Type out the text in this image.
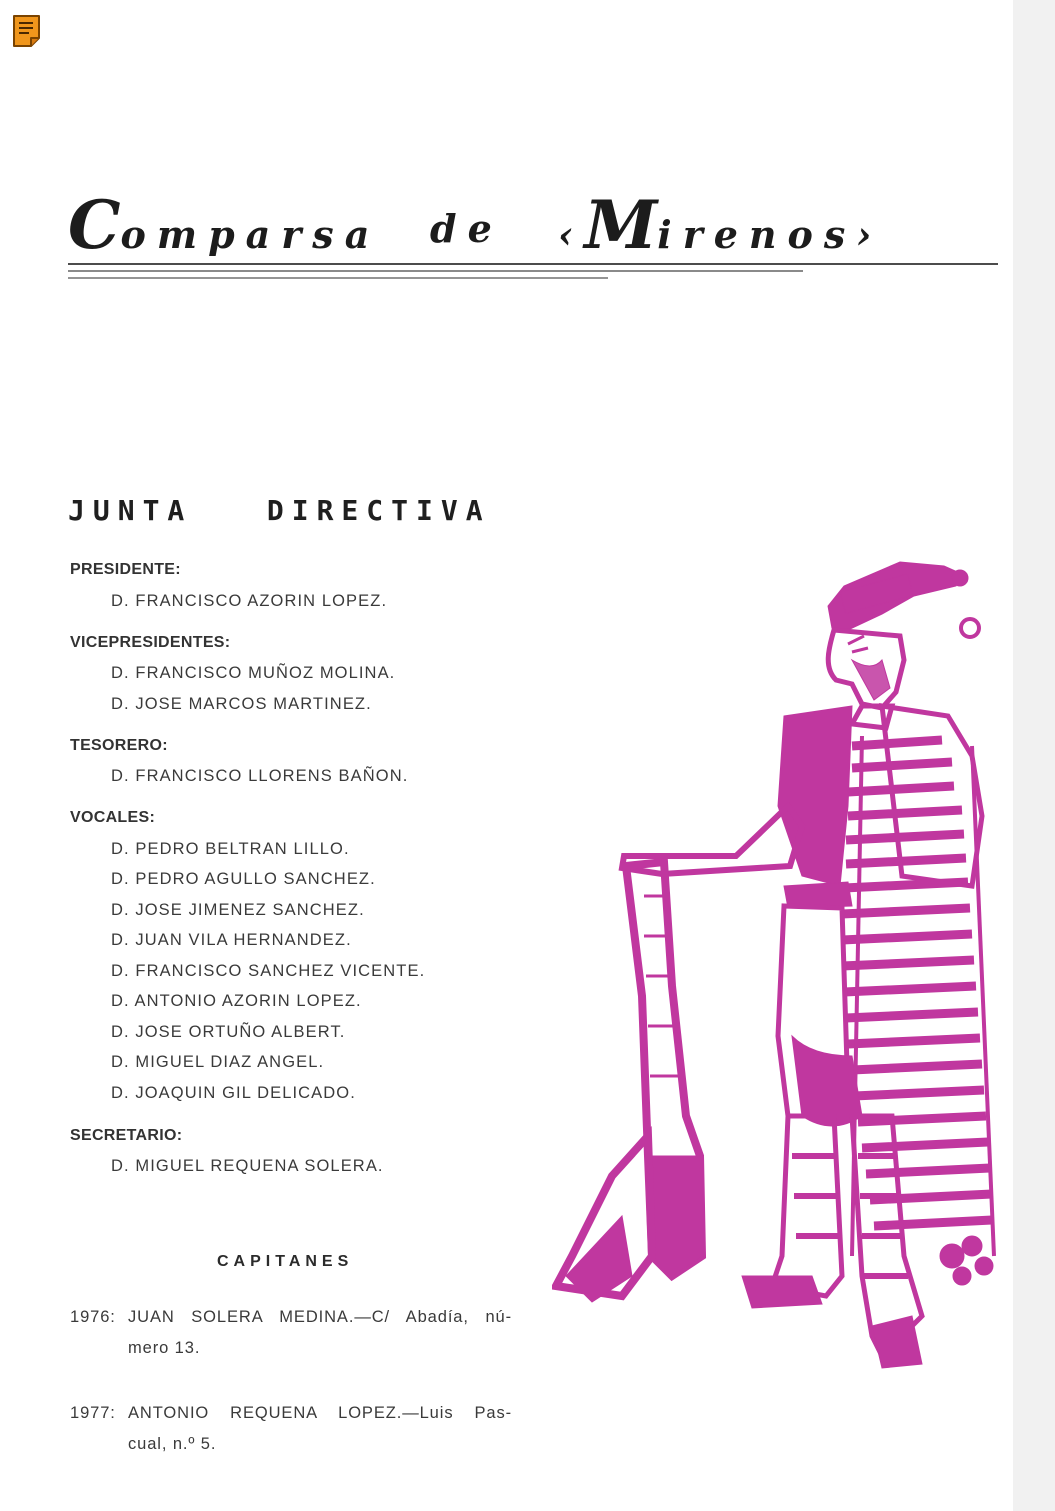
Comparsa de ‹Mirenos›
JUNTA   DIRECTIVA
PRESIDENTE:
D. FRANCISCO AZORIN LOPEZ.
VICEPRESIDENTES:
D. FRANCISCO MUÑOZ MOLINA.
D. JOSE MARCOS MARTINEZ.
TESORERO:
D. FRANCISCO LLORENS BAÑON.
VOCALES:
D. PEDRO BELTRAN LILLO.
D. PEDRO AGULLO SANCHEZ.
D. JOSE JIMENEZ SANCHEZ.
D. JUAN VILA HERNANDEZ.
D. FRANCISCO SANCHEZ VICENTE.
D. ANTONIO AZORIN LOPEZ.
D. JOSE ORTUÑO ALBERT.
D. MIGUEL DIAZ ANGEL.
D. JOAQUIN GIL DELICADO.
SECRETARIO:
D. MIGUEL REQUENA SOLERA.
CAPITANES
1976: JUAN SOLERA MEDINA.—C/ Abadía, nú-
mero 13.
1977: ANTONIO REQUENA LOPEZ.—Luis Pas-
cual, n.º 5.
